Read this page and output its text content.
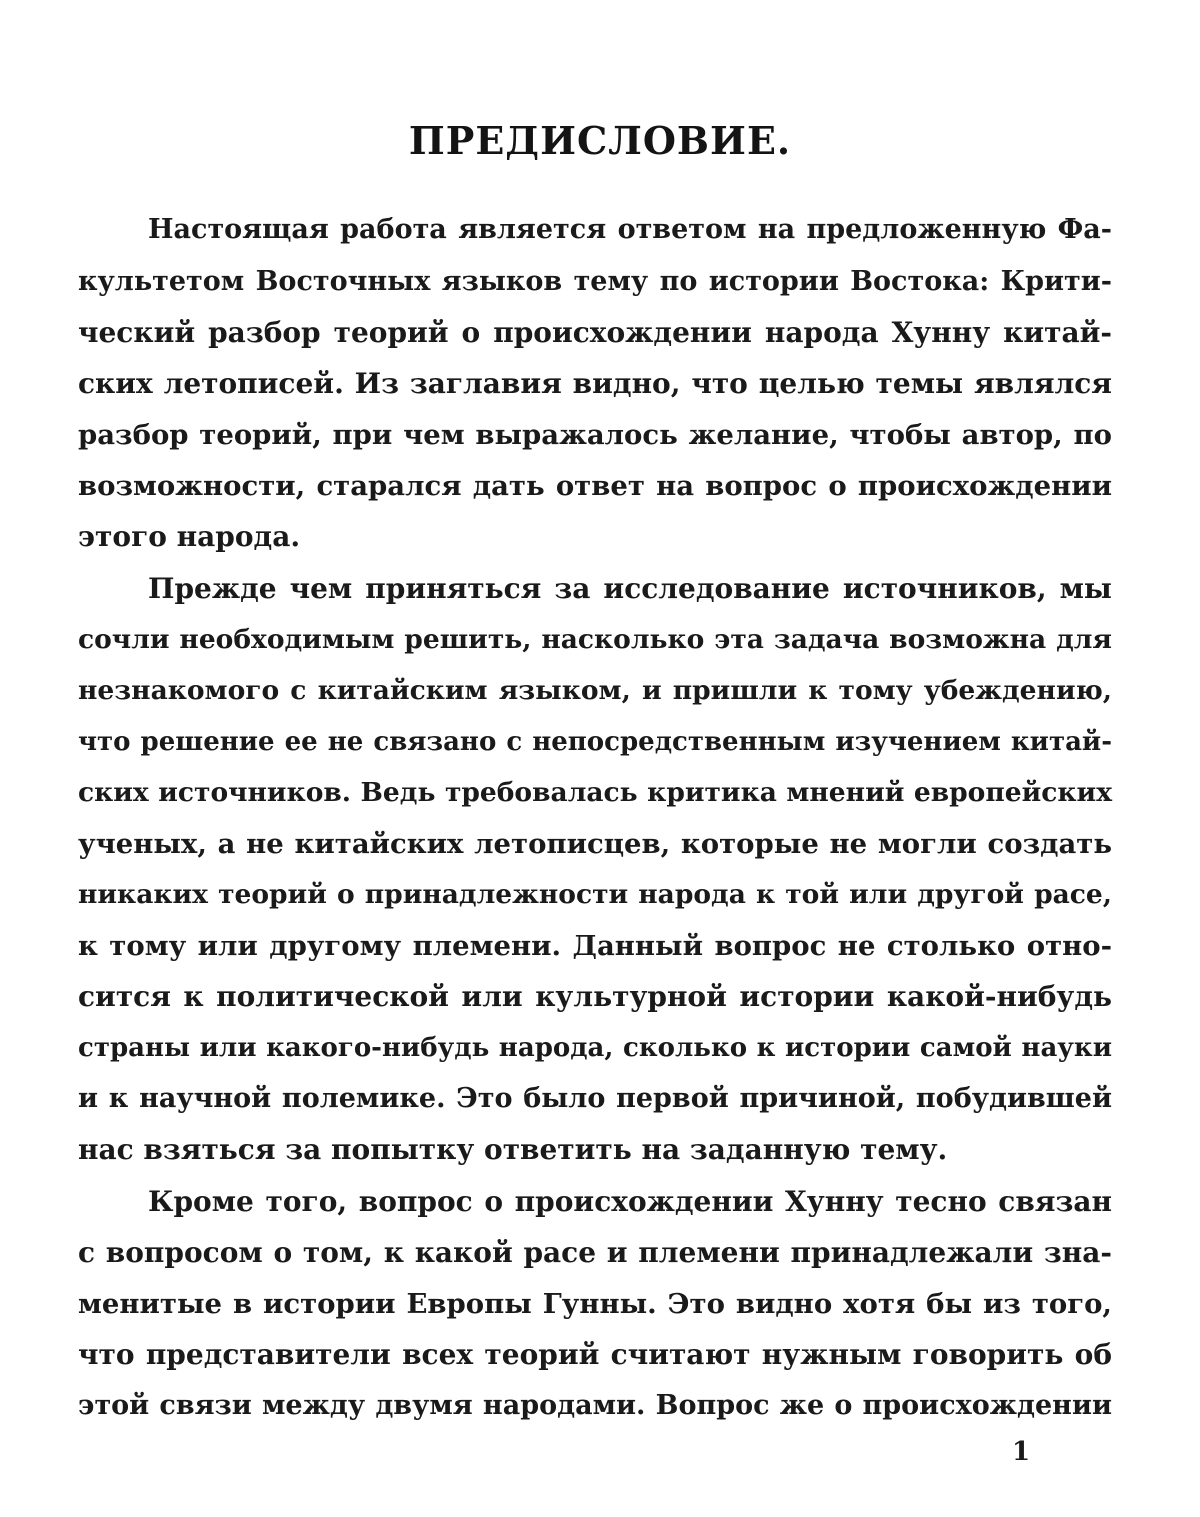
ПРЕДИСЛОВИЕ.
Настоящая работа является ответом на предложенную Фа-
культетом Восточных языков тему по истории Востока: Крити-
ческий разбор теорий о происхождении народа Хунну китай-
ских летописей. Из заглавия видно, что целью темы являлся
разбор теорий, при чем выражалось желание, чтобы автор, по
возможности, старался дать ответ на вопрос о происхождении
этого народа.
Прежде чем приняться за исследование источников, мы
сочли необходимым решить, насколько эта задача возможна для
незнакомого с китайским языком, и пришли к тому убеждению,
что решение ее не связано с непосредственным изучением китай-
ских источников. Ведь требовалась критика мнений европейских
ученых, а не китайских летописцев, которые не могли создать
никаких теорий о принадлежности народа к той или другой расе,
к тому или другому племени. Данный вопрос не столько отно-
сится к политической или культурной истории какой-нибудь
страны или какого-нибудь народа, сколько к истории самой науки
и к научной полемике. Это было первой причиной, побудившей
нас взяться за попытку ответить на заданную тему.
Кроме того, вопрос о происхождении Хунну тесно связан
с вопросом о том, к какой расе и племени принадлежали зна-
менитые в истории Европы Гунны. Это видно хотя бы из того,
что представители всех теорий считают нужным говорить об
этой связи между двумя народами. Вопрос же о происхождении
1
